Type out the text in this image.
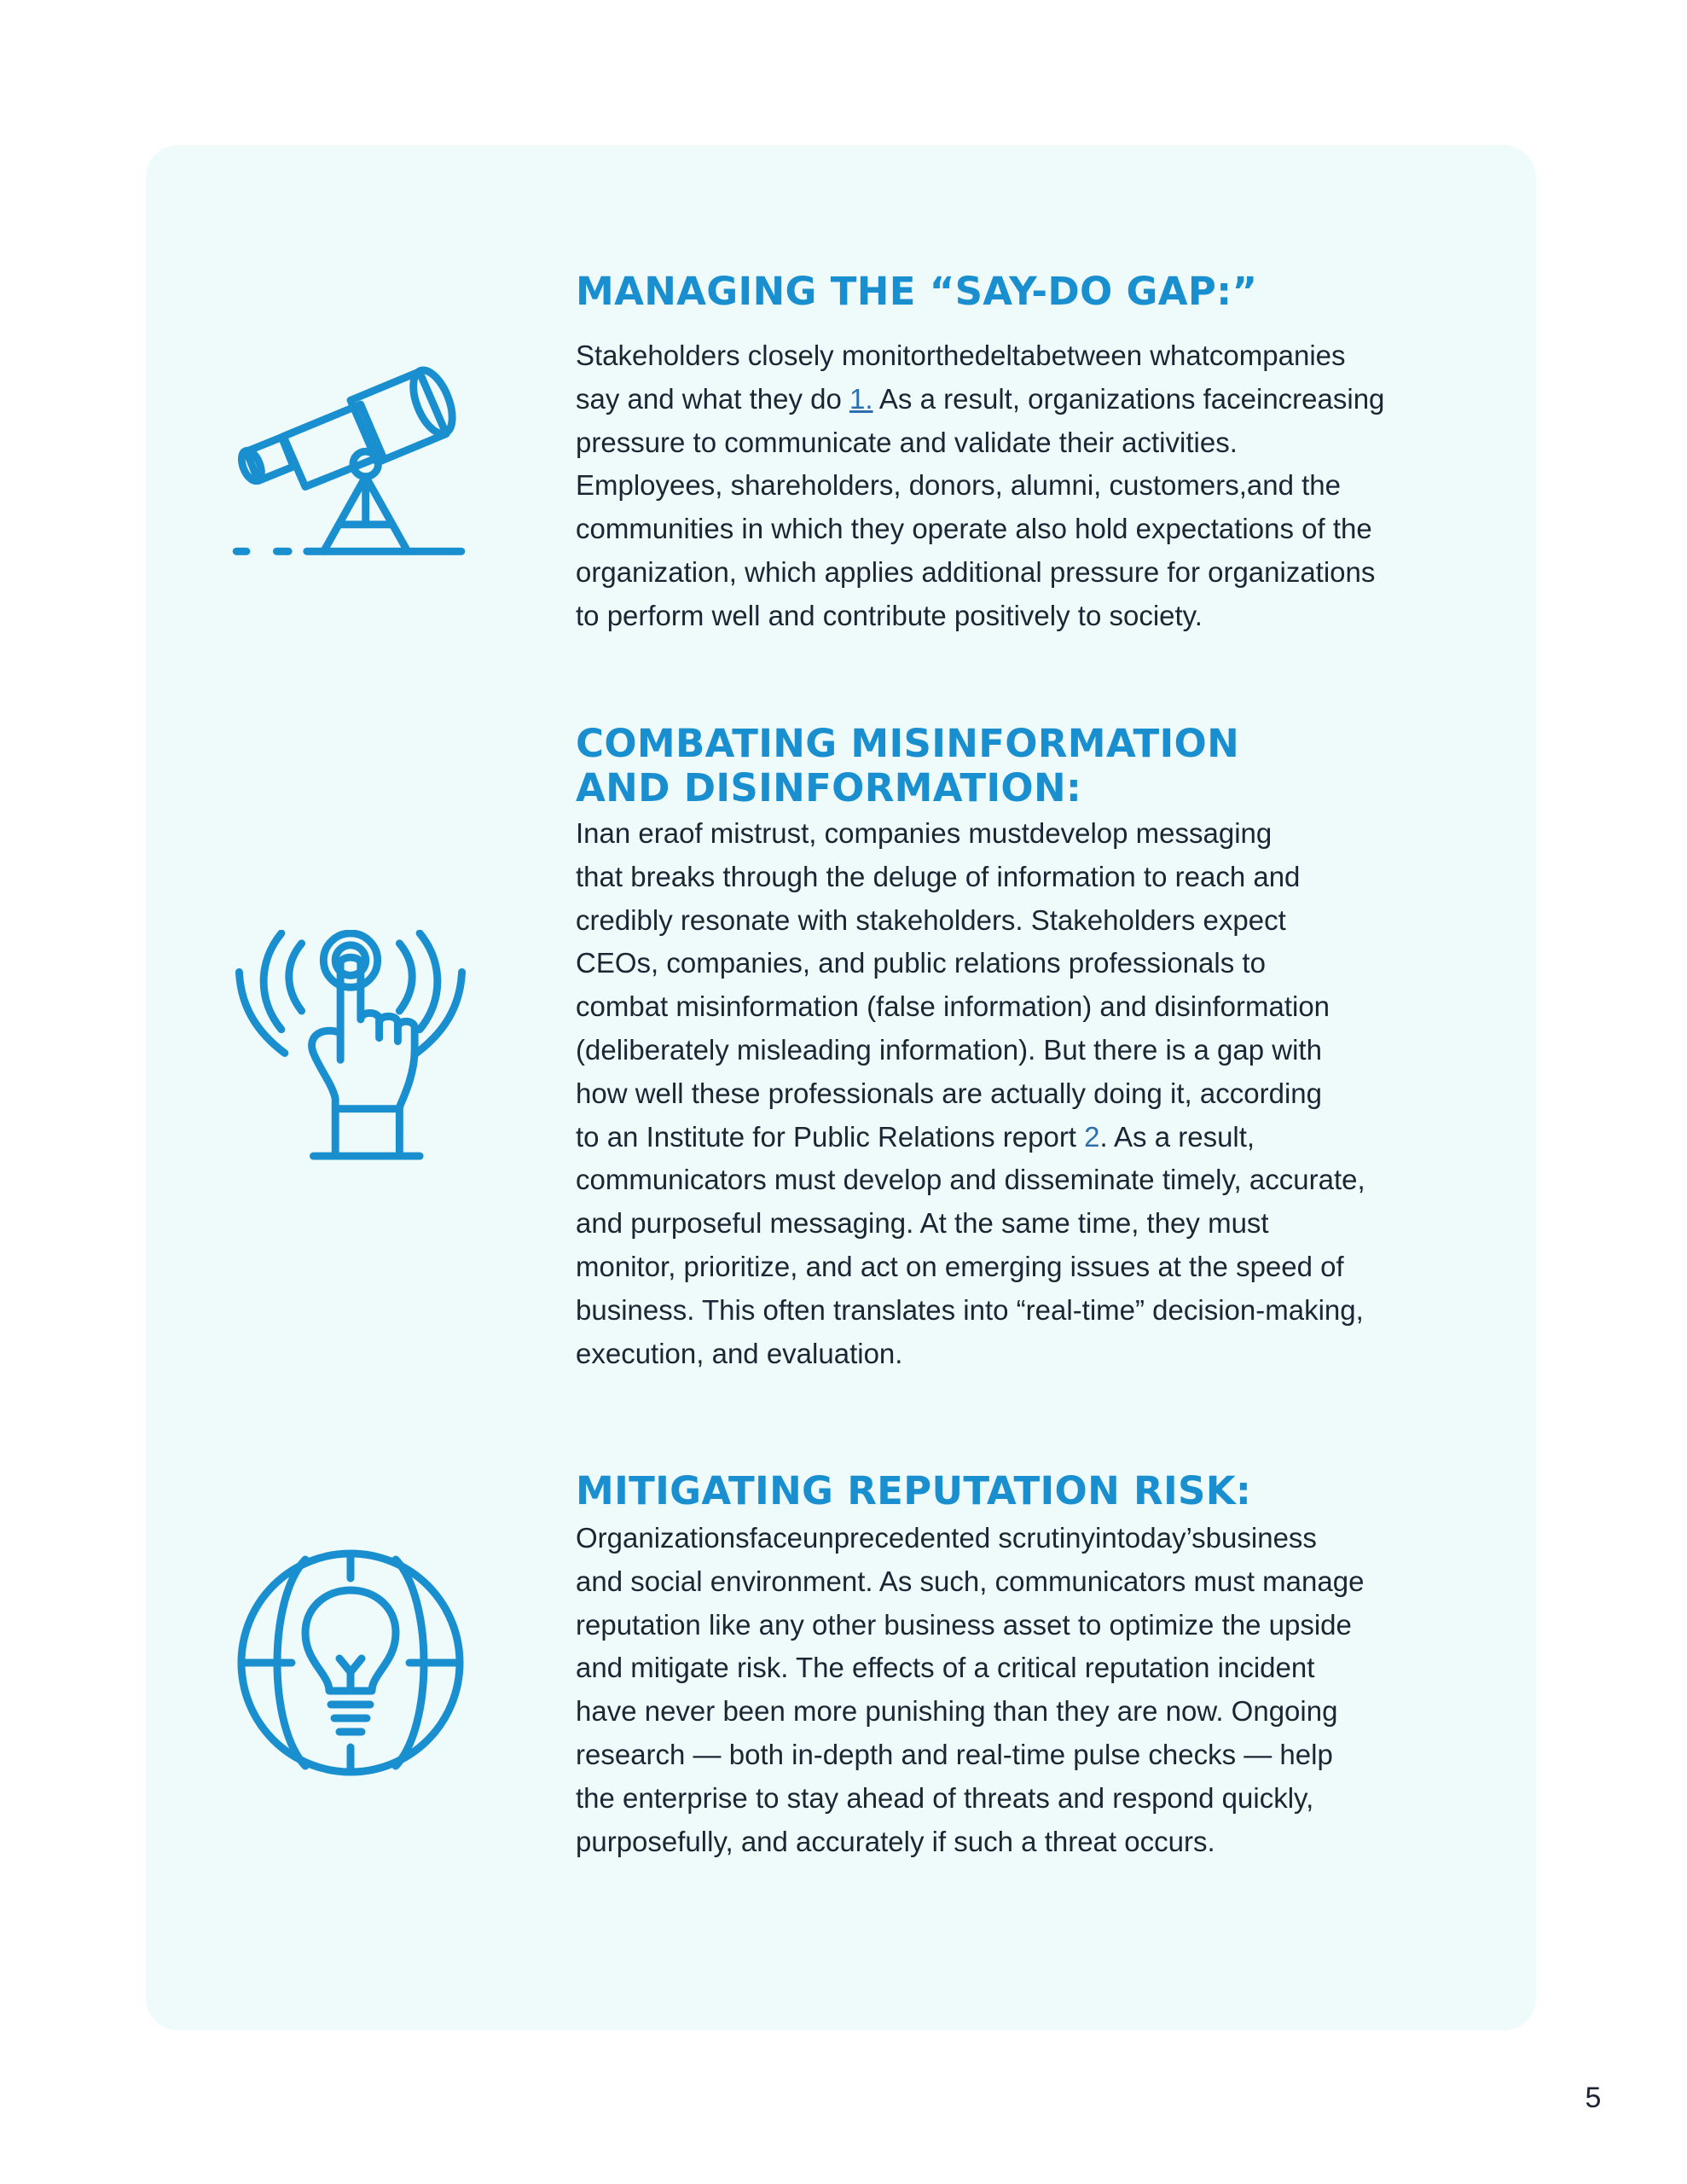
MANAGING THE “SAY-DO GAP:”

Stakeholders closely monitorthedeltabetween whatcompanies
say and what they do 1. As a result, organizations faceincreasing
pressure to communicate and validate their activities.
Employees, shareholders, donors, alumni, customers,and the
communities in which they operate also hold expectations of the
organization, which applies additional pressure for organizations
to perform well and contribute positively to society.

COMBATING MISINFORMATION
AND DISINFORMATION:

Inan eraof mistrust, companies mustdevelop messaging
that breaks through the deluge of information to reach and
credibly resonate with stakeholders. Stakeholders expect
CEOs, companies, and public relations professionals to
combat misinformation (false information) and disinformation
(deliberately misleading information). But there is a gap with
how well these professionals are actually doing it, according
to an Institute for Public Relations report 2. As a result,
communicators must develop and disseminate timely, accurate,
and purposeful messaging. At the same time, they must
monitor, prioritize, and act on emerging issues at the speed of
business. This often translates into “real-time” decision-making,
execution, and evaluation.

MITIGATING REPUTATION RISK:

Organizationsfaceunprecedented scrutinyintoday’sbusiness
and social environment. As such, communicators must manage
reputation like any other business asset to optimize the upside
and mitigate risk. The effects of a critical reputation incident
have never been more punishing than they are now. Ongoing
research — both in-depth and real-time pulse checks — help
the enterprise to stay ahead of threats and respond quickly,
purposefully, and accurately if such a threat occurs.

5
